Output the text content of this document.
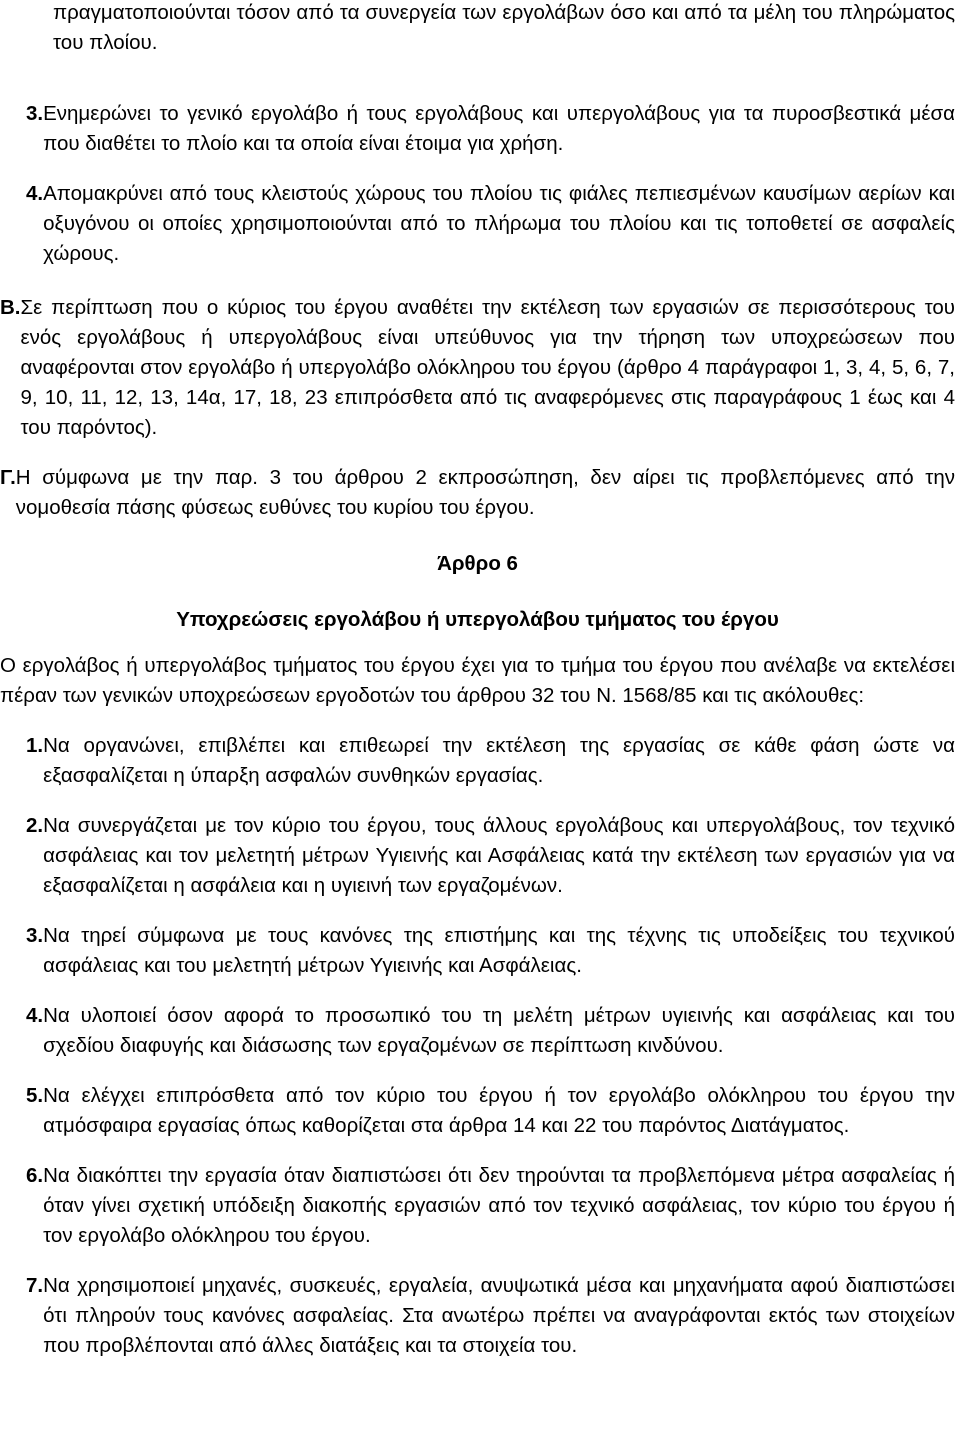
πραγματοποιούνται τόσον από τα συνεργεία των εργολάβων όσο και από τα μέλη του πληρώματος του πλοίου.

3. Ενημερώνει το γενικό εργολάβο ή τους εργολάβους και υπεργολάβους για τα πυροσβεστικά μέσα που διαθέτει το πλοίο και τα οποία είναι έτοιμα για χρήση.
4. Απομακρύνει από τους κλειστούς χώρους του πλοίου τις φιάλες πεπιεσμένων καυσίμων αερίων και οξυγόνου οι οποίες χρησιμοποιούνται από το πλήρωμα του πλοίου και τις τοποθετεί σε ασφαλείς χώρους.
Β. Σε περίπτωση που ο κύριος του έργου αναθέτει την εκτέλεση των εργασιών σε περισσότερους του ενός εργολάβους ή υπεργολάβους είναι υπεύθυνος για την τήρηση των υποχρεώσεων που αναφέρονται στον εργολάβο ή υπεργολάβο ολόκληρου του έργου (άρθρο 4 παράγραφοι 1, 3, 4, 5, 6, 7, 9, 10, 11, 12, 13, 14α, 17, 18, 23 επιπρόσθετα από τις αναφερόμενες στις παραγράφους 1 έως και 4 του παρόντος).
Γ. Η σύμφωνα με την παρ. 3 του άρθρου 2 εκπροσώπηση, δεν αίρει τις προβλεπόμενες από την νομοθεσία πάσης φύσεως ευθύνες του κυρίου του έργου.

Άρθρο 6

Υποχρεώσεις εργολάβου ή υπεργολάβου τμήματος του έργου

Ο εργολάβος ή υπεργολάβος τμήματος του έργου έχει για το τμήμα του έργου που ανέλαβε να εκτελέσει πέραν των γενικών υποχρεώσεων εργοδοτών του άρθρου 32 του Ν. 1568/85 και τις ακόλουθες:

1. Να οργανώνει, επιβλέπει και επιθεωρεί την εκτέλεση της εργασίας σε κάθε φάση ώστε να εξασφαλίζεται η ύπαρξη ασφαλών συνθηκών εργασίας.
2. Να συνεργάζεται με τον κύριο του έργου, τους άλλους εργολάβους και υπεργολάβους, τον τεχνικό ασφάλειας και τον μελετητή μέτρων Υγιεινής και Ασφάλειας κατά την εκτέλεση των εργασιών για να εξασφαλίζεται η ασφάλεια και η υγιεινή των εργαζομένων.
3. Να τηρεί σύμφωνα με τους κανόνες της επιστήμης και της τέχνης τις υποδείξεις του τεχνικού ασφάλειας και του μελετητή μέτρων Υγιεινής και Ασφάλειας.
4. Να υλοποιεί όσον αφορά το προσωπικό του τη μελέτη μέτρων υγιεινής και ασφάλειας και του σχεδίου διαφυγής και διάσωσης των εργαζομένων σε περίπτωση κινδύνου.
5. Να ελέγχει επιπρόσθετα από τον κύριο του έργου ή τον εργολάβο ολόκληρου του έργου την ατμόσφαιρα εργασίας όπως καθορίζεται στα άρθρα 14 και 22 του παρόντος Διατάγματος.
6. Να διακόπτει την εργασία όταν διαπιστώσει ότι δεν τηρούνται τα προβλεπόμενα μέτρα ασφαλείας ή όταν γίνει σχετική υπόδειξη διακοπής εργασιών από τον τεχνικό ασφάλειας, τον κύριο του έργου ή τον εργολάβο ολόκληρου του έργου.
7. Να χρησιμοποιεί μηχανές, συσκευές, εργαλεία, ανυψωτικά μέσα και μηχανήματα αφού διαπιστώσει ότι πληρούν τους κανόνες ασφαλείας. Στα ανωτέρω πρέπει να αναγράφονται εκτός των στοιχείων που προβλέπονται από άλλες διατάξεις και τα στοιχεία του.
